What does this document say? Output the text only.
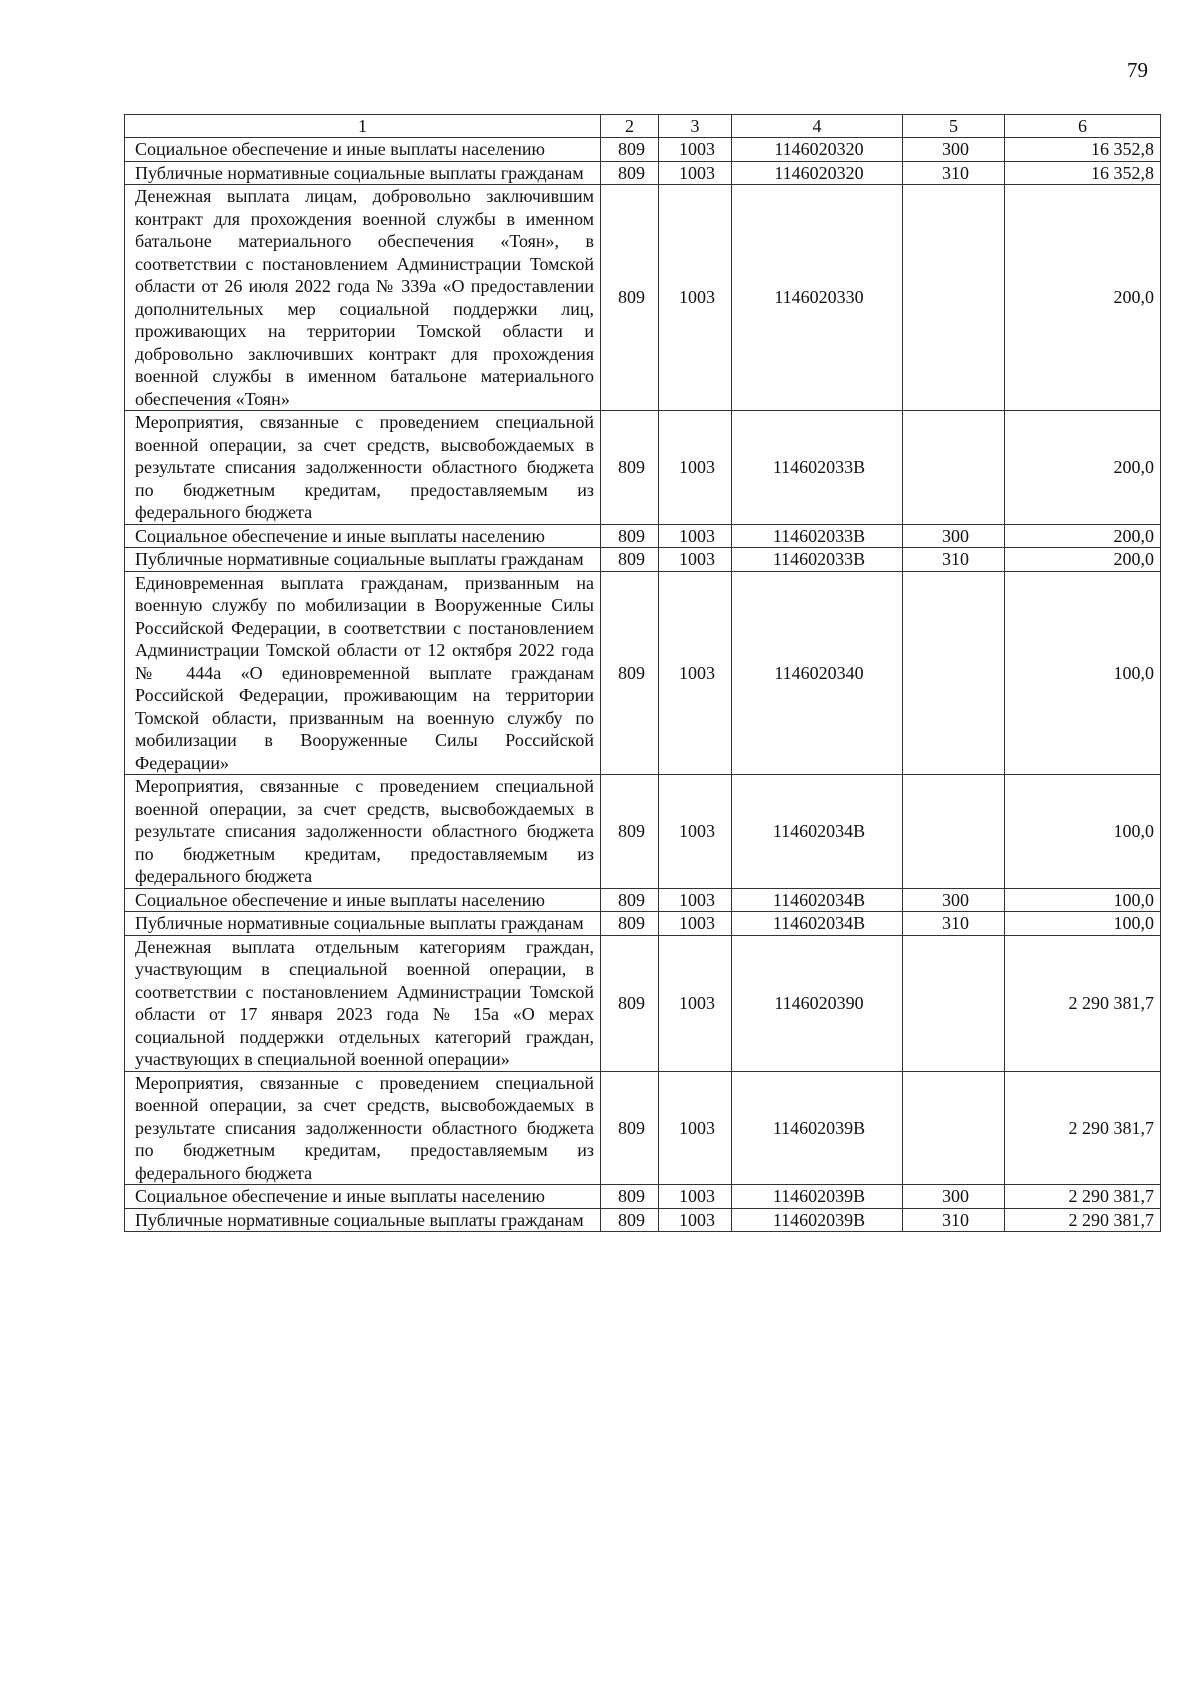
79
1	2	3	4	5	6
Социальное обеспечение и иные выплаты населению	809	1003	1146020320	300	16 352,8
Публичные нормативные социальные выплаты гражданам	809	1003	1146020320	310	16 352,8
Денежная выплата лицам, добровольно заключившим контракт для прохождения военной службы в именном батальоне материального обеспечения «Тоян», в соответствии с постановлением Администрации Томской области от 26 июля 2022 года № 339а «О предоставлении дополнительных мер социальной поддержки лиц, проживающих на территории Томской области и добровольно заключивших контракт для прохождения военной службы в именном батальоне материального обеспечения «Тоян»	809	1003	1146020330		200,0
Мероприятия, связанные с проведением специальной военной операции, за счет средств, высвобождаемых в результате списания задолженности областного бюджета по бюджетным кредитам, предоставляемым из федерального бюджета	809	1003	114602033В		200,0
Социальное обеспечение и иные выплаты населению	809	1003	114602033В	300	200,0
Публичные нормативные социальные выплаты гражданам	809	1003	114602033В	310	200,0
Единовременная выплата гражданам, призванным на военную службу по мобилизации в Вооруженные Силы Российской Федерации, в соответствии с постановлением Администрации Томской области от 12 октября 2022 года № 444а «О единовременной выплате гражданам Российской Федерации, проживающим на территории Томской области, призванным на военную службу по мобилизации в Вооруженные Силы Российской Федерации»	809	1003	1146020340		100,0
Мероприятия, связанные с проведением специальной военной операции, за счет средств, высвобождаемых в результате списания задолженности областного бюджета по бюджетным кредитам, предоставляемым из федерального бюджета	809	1003	114602034В		100,0
Социальное обеспечение и иные выплаты населению	809	1003	114602034В	300	100,0
Публичные нормативные социальные выплаты гражданам	809	1003	114602034В	310	100,0
Денежная выплата отдельным категориям граждан, участвующим в специальной военной операции, в соответствии с постановлением Администрации Томской области от 17 января 2023 года № 15а «О мерах социальной поддержки отдельных категорий граждан, участвующих в специальной военной операции»	809	1003	1146020390		2 290 381,7
Мероприятия, связанные с проведением специальной военной операции, за счет средств, высвобождаемых в результате списания задолженности областного бюджета по бюджетным кредитам, предоставляемым из федерального бюджета	809	1003	114602039В		2 290 381,7
Социальное обеспечение и иные выплаты населению	809	1003	114602039В	300	2 290 381,7
Публичные нормативные социальные выплаты гражданам	809	1003	114602039В	310	2 290 381,7
